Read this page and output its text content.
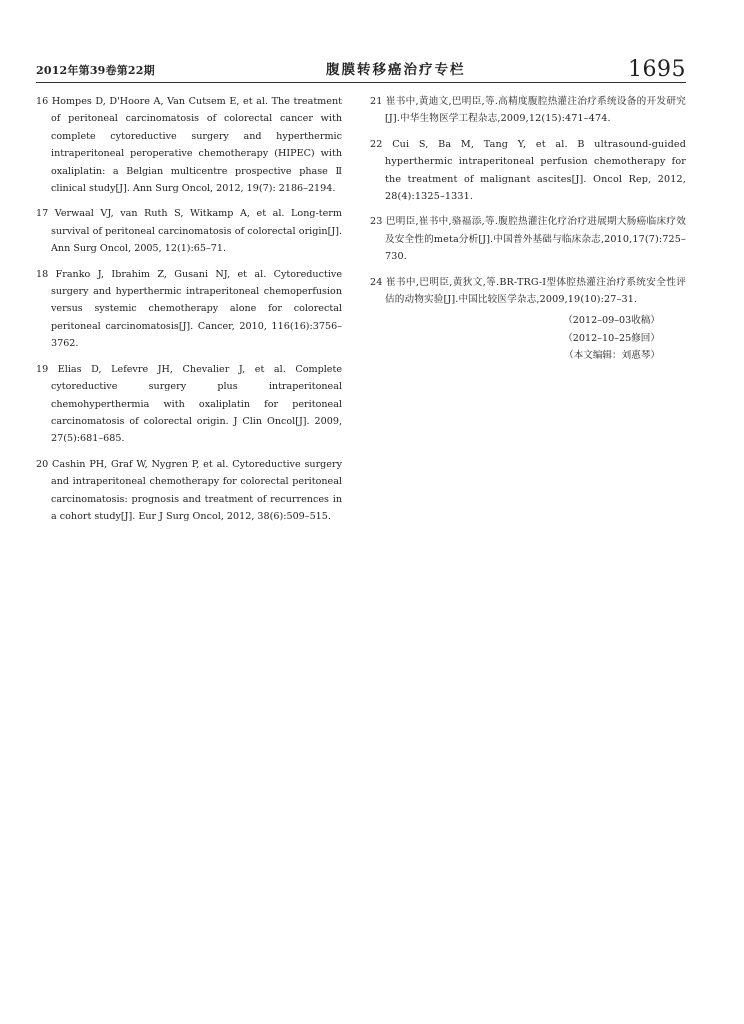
2012年第39卷第22期	腹膜转移癌治疗专栏	1695

16 Hompes D, D'Hoore A, Van Cutsem E, et al. The treatment of peritoneal carcinomatosis of colorectal cancer with complete cytoreductive surgery and hyperthermic intraperitoneal peroperative chemotherapy (HIPEC) with oxaliplatin: a Belgian multicentre prospective phase Ⅱ clinical study[J]. Ann Surg Oncol, 2012, 19(7): 2186–2194.

17 Verwaal VJ, van Ruth S, Witkamp A, et al. Long-term survival of peritoneal carcinomatosis of colorectal origin[J]. Ann Surg Oncol, 2005, 12(1):65–71.

18 Franko J, Ibrahim Z, Gusani NJ, et al. Cytoreductive surgery and hyperthermic intraperitoneal chemoperfusion versus systemic chemotherapy alone for colorectal peritoneal carcinomatosis[J]. Cancer, 2010, 116(16):3756–3762.

19 Elias D, Lefevre JH, Chevalier J, et al. Complete cytoreductive surgery plus intraperitoneal chemohyperthermia with oxaliplatin for peritoneal carcinomatosis of colorectal origin. J Clin Oncol[J]. 2009, 27(5):681–685.

20 Cashin PH, Graf W, Nygren P, et al. Cytoreductive surgery and intraperitoneal chemotherapy for colorectal peritoneal carcinomatosis: prognosis and treatment of recurrences in a cohort study[J]. Eur J Surg Oncol, 2012, 38(6):509–515.

21 崔书中,黄迪文,巴明臣,等.高精度腹腔热灌注治疗系统设备的开发研究[J].中华生物医学工程杂志,2009,12(15):471–474.

22 Cui S, Ba M, Tang Y, et al. B ultrasound-guided hyperthermic intraperitoneal perfusion chemotherapy for the treatment of malignant ascites[J]. Oncol Rep, 2012, 28(4):1325–1331.

23 巴明臣,崔书中,骆福添,等.腹腔热灌注化疗治疗进展期大肠癌临床疗效及安全性的meta分析[J].中国普外基础与临床杂志,2010,17(7):725–730.

24 崔书中,巴明臣,黄狄文,等.BR-TRG-I型体腔热灌注治疗系统安全性评估的动物实验[J].中国比较医学杂志,2009,19(10):27–31.

（2012–09–03收稿）
（2012–10–25修回）
（本文编辑：刘惠琴）
